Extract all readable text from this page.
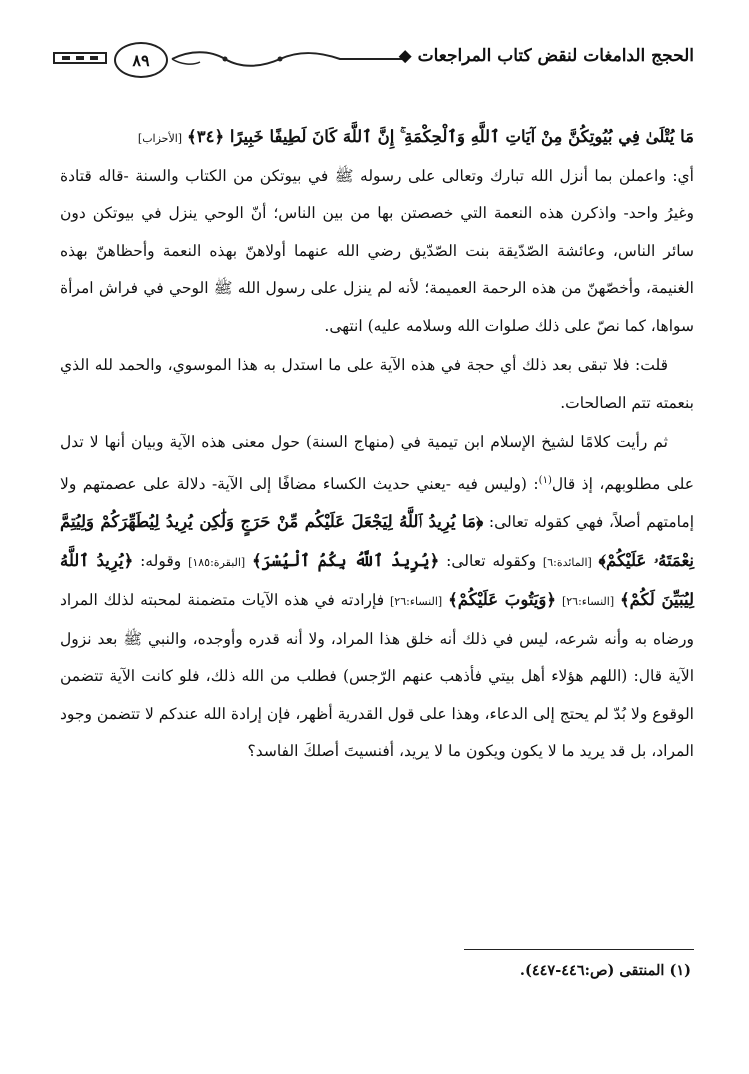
٨٩	الحجج الدامغات لنقض كتاب المراجعات ◆

مَا يُتْلَىٰ فِي بُيُوتِكُنَّ مِنْ آيَاتِ ٱللَّهِ وَٱلْحِكْمَةِ ۚ إِنَّ ٱللَّهَ كَانَ لَطِيفًا خَبِيرًا ﴿٣٤﴾ [الأحزاب]

أي: واعملن بما أنزل الله تبارك وتعالى على رسوله ﷺ في بيوتكن من الكتاب والسنة -قاله قتادة وغيرُ واحد- واذكرن هذه النعمة التي خصصتن بها من بين الناس؛ أنّ الوحي ينزل في بيوتكن دون سائر الناس، وعائشة الصّدّيقة بنت الصّدّيق رضي الله عنهما أولاهنّ بهذه النعمة وأحظاهنّ بهذه الغنيمة، وأخصّهنّ من هذه الرحمة العميمة؛ لأنه لم ينزل على رسول الله ﷺ الوحي في فراش امرأة سواها، كما نصّ على ذلك صلوات الله وسلامه عليه) انتهى.

قلت: فلا تبقى بعد ذلك أي حجة في هذه الآية على ما استدل به هذا الموسوي، والحمد لله الذي بنعمته تتم الصالحات.

ثم رأيت كلامًا لشيخ الإسلام ابن تيمية في (منهاج السنة) حول معنى هذه الآية وبيان أنها لا تدل على مطلوبهم، إذ قال$^{(١)}$: (وليس فيه -يعني حديث الكساء مضافًا إلى الآية- دلالة على عصمتهم ولا إمامتهم أصلاً، فهي كقوله تعالى: ﴿مَا يُرِيدُ ٱللَّهُ لِيَجْعَلَ عَلَيْكُم مِّنْ حَرَجٍ وَلَٰكِن يُرِيدُ لِيُطَهِّرَكُمْ وَلِيُتِمَّ نِعْمَتَهُۥ عَلَيْكُمْ﴾ [المائدة:٦] وكقوله تعالى: ﴿يُرِيدُ ٱللَّهُ بِكُمُ ٱلْيُسْرَ﴾ [البقرة:١٨٥] وقوله: ﴿يُرِيدُ ٱللَّهُ لِيُبَيِّنَ لَكُمْ﴾ [النساء:٢٦] ﴿وَيَتُوبَ عَلَيْكُمْ﴾ [النساء:٢٦] فإرادته في هذه الآيات متضمنة لمحبته لذلك المراد ورضاه به وأنه شرعه، ليس في ذلك أنه خلق هذا المراد، ولا أنه قدره وأوجده، والنبي ﷺ بعد نزول الآية قال: (اللهم هؤلاء أهل بيتي فأذهب عنهم الرّجس) فطلب من الله ذلك، فلو كانت الآية تتضمن الوقوع ولا بُدّ لم يحتج إلى الدعاء، وهذا على قول القدرية أظهر، فإن إرادة الله عندكم لا تتضمن وجود المراد، بل قد يريد ما لا يكون ويكون ما لا يريد، أفنسيتَ أصلكَ الفاسد؟

(١) المنتقى (ص:٤٤٦-٤٤٧).
